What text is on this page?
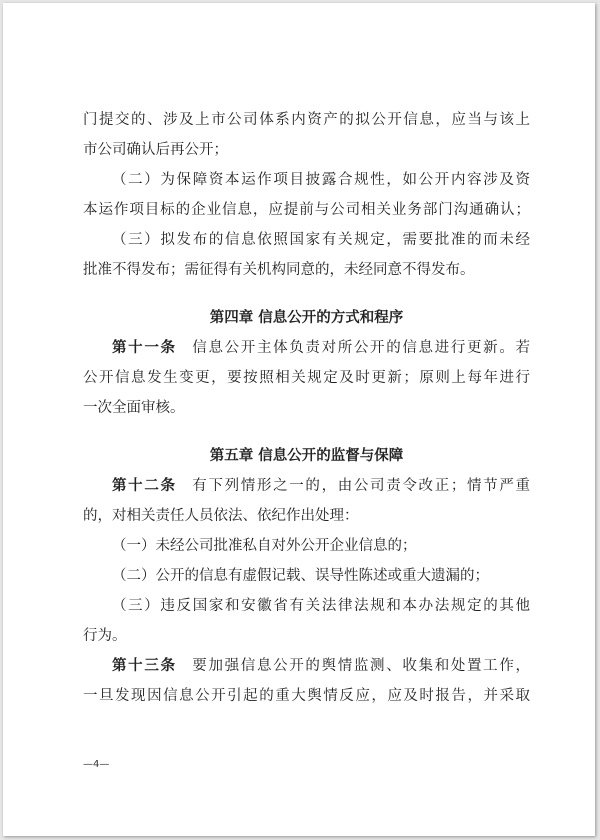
门提交的、涉及上市公司体系内资产的拟公开信息，应当与该上
市公司确认后再公开；
（二）为保障资本运作项目披露合规性，如公开内容涉及资
本运作项目标的企业信息，应提前与公司相关业务部门沟通确认；
（三）拟发布的信息依照国家有关规定，需要批准的而未经
批准不得发布；需征得有关机构同意的，未经同意不得发布。
第四章 信息公开的方式和程序
第十一条 信息公开主体负责对所公开的信息进行更新。若
公开信息发生变更，要按照相关规定及时更新；原则上每年进行
一次全面审核。
第五章 信息公开的监督与保障
第十二条 有下列情形之一的，由公司责令改正；情节严重
的，对相关责任人员依法、依纪作出处理：
（一）未经公司批准私自对外公开企业信息的；
（二）公开的信息有虚假记载、误导性陈述或重大遗漏的；
（三）违反国家和安徽省有关法律法规和本办法规定的其他
行为。
第十三条 要加强信息公开的舆情监测、收集和处置工作，
一旦发现因信息公开引起的重大舆情反应，应及时报告，并采取
—4—
